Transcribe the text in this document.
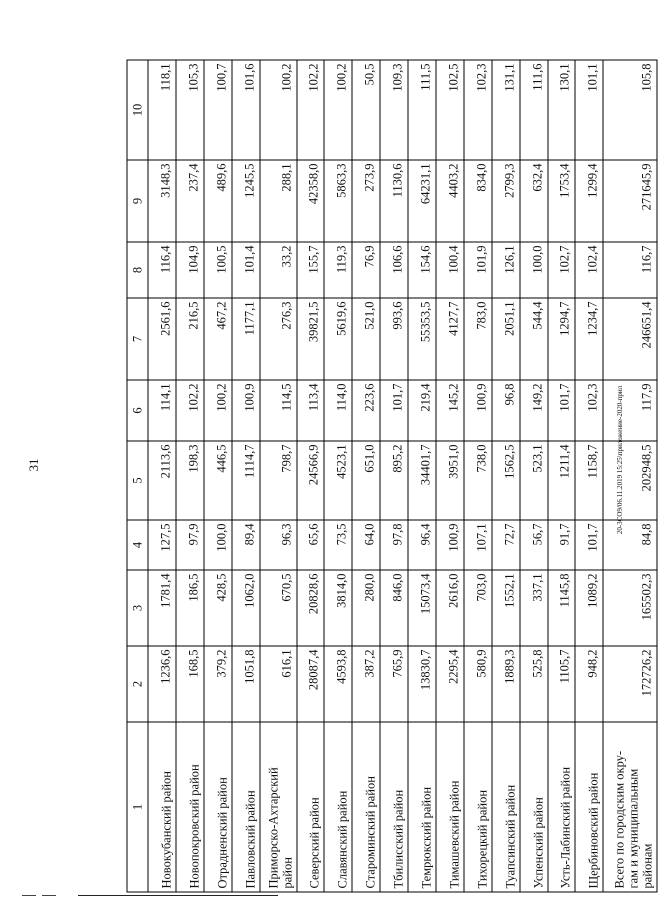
31
1	2	3	4	5	6	7	8	9	10
Новокубанский район	1236,6	1781,4	127,5	2113,6	114,1	2561,6	116,4	3148,3	118,1
Новопокровский район	168,5	186,5	97,9	198,3	102,2	216,5	104,9	237,4	105,3
Отрадненский район	379,2	428,5	100,0	446,5	100,2	467,2	100,5	489,6	100,7
Павловский район	1051,8	1062,0	89,4	1114,7	100,9	1177,1	101,4	1245,5	101,6
Приморско-Ахтарский
район	616,1	670,5	96,3	798,7	114,5	276,3	33,2	288,1	100,2
Северский район	28087,4	20828,6	65,6	24566,9	113,4	39821,5	155,7	42358,0	102,2
Славянский район	4593,8	3814,0	73,5	4523,1	114,0	5619,6	119,3	5863,3	100,2
Староминский район	387,2	280,0	64,0	651,0	223,6	521,0	76,9	273,9	50,5
Тбилисский район	765,9	846,0	97,8	895,2	101,7	993,6	106,6	1130,6	109,3
Темрюкский район	13830,7	15073,4	96,4	34401,7	219,4	55353,5	154,6	64231,1	111,5
Тимашевский район	2295,4	2616,0	100,9	3951,0	145,2	4127,7	100,4	4403,2	102,5
Тихорецкий район	580,9	703,0	107,1	738,0	100,9	783,0	101,9	834,0	102,3
Туапсинский район	1889,3	1552,1	72,7	1562,5	96,8	2051,1	126,1	2799,3	131,1
Успенский район	525,8	337,1	56,7	523,1	149,2	544,4	100,0	632,4	111,6
Усть-Лабинский район	1105,7	1145,8	91,7	1211,4	101,7	1294,7	102,7	1753,4	130,1
Щербиновский район	948,2	1089,2	101,7	1158,7	102,3	1234,7	102,4	1299,4	101,1
Всего по городским окру-
гам и муниципальным
районам	172726,2	165502,3	84,8	202948,5	117,9	246651,4	116,7	271645,9	105,8
20-3CO9/06.11.2019 15:25\приложение-2020-прил
